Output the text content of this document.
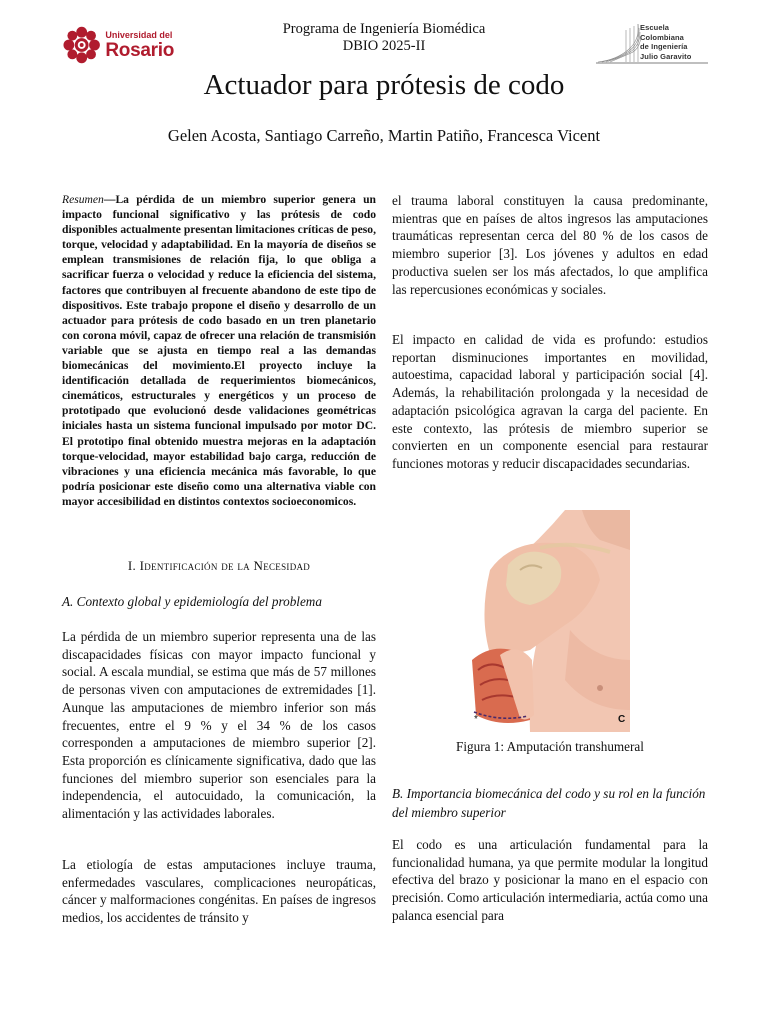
Universidad del
Rosario
Programa de Ingeniería Biomédica
DBIO 2025-II
Escuela
Colombiana
de Ingeniería
Julio Garavito
Actuador para prótesis de codo
Gelen Acosta, Santiago Carreño, Martin Patiño, Francesca Vicent
Resumen—La pérdida de un miembro superior genera un impacto funcional significativo y las prótesis de codo disponibles actualmente presentan limitaciones críticas de peso, torque, velocidad y adaptabilidad. En la mayoría de diseños se emplean transmisiones de relación fija, lo que obliga a sacrificar fuerza o velocidad y reduce la eficiencia del sistema, factores que contribuyen al frecuente abandono de este tipo de dispositivos. Este trabajo propone el diseño y desarrollo de un actuador para prótesis de codo basado en un tren planetario con corona móvil, capaz de ofrecer una relación de transmisión variable que se ajusta en tiempo real a las demandas biomecánicas del movimiento.El proyecto incluye la identificación detallada de requerimientos biomecánicos, cinemáticos, estructurales y energéticos y un proceso de prototipado que evolucionó desde validaciones geométricas iniciales hasta un sistema funcional impulsado por motor DC. El prototipo final obtenido muestra mejoras en la adaptación torque-velocidad, mayor estabilidad bajo carga, reducción de vibraciones y una eficiencia mecánica más favorable, lo que podría posicionar este diseño como una alternativa viable con mayor accesibilidad en distintos contextos socioeconomicos.
I. Identificación de la Necesidad
A. Contexto global y epidemiología del problema

La pérdida de un miembro superior representa una de las discapacidades físicas con mayor impacto funcional y social. A escala mundial, se estima que más de 57 millones de personas viven con amputaciones de extremidades [1]. Aunque las amputaciones de miembro inferior son más frecuentes, entre el 9 % y el 34 % de los casos corresponden a amputaciones de miembro superior [2]. Esta proporción es clínicamente significativa, dado que las funciones del miembro superior son esenciales para la independencia, el autocuidado, la comunicación, la alimentación y las actividades laborales.

La etiología de estas amputaciones incluye trauma, enfermedades vasculares, complicaciones neuropáticas, cáncer y malformaciones congénitas. En países de ingresos medios, los accidentes de tránsito y

el trauma laboral constituyen la causa predominante, mientras que en países de altos ingresos las amputaciones traumáticas representan cerca del 80 % de los casos de miembro superior [3]. Los jóvenes y adultos en edad productiva suelen ser los más afectados, lo que amplifica las repercusiones económicas y sociales.

El impacto en calidad de vida es profundo: estudios reportan disminuciones importantes en movilidad, autoestima, capacidad laboral y participación social [4]. Además, la rehabilitación prolongada y la necesidad de adaptación psicológica agravan la carga del paciente. En este contexto, las prótesis de miembro superior se convierten en un componente esencial para restaurar funciones motoras y reducir discapacidades secundarias.

*	C
Figura 1: Amputación transhumeral
B. Importancia biomecánica del codo y su rol en la función del miembro superior

El codo es una articulación fundamental para la funcionalidad humana, ya que permite modular la longitud efectiva del brazo y posicionar la mano en el espacio con precisión. Como articulación intermediaria, actúa como una palanca esencial para
